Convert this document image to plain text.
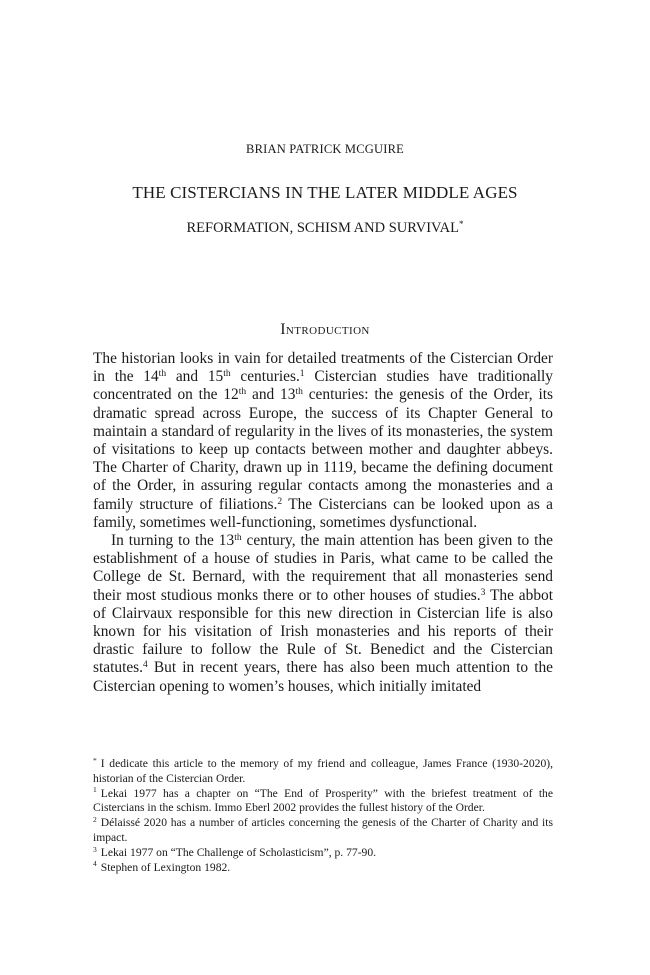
BRIAN PATRICK MCGUIRE
THE CISTERCIANS IN THE LATER MIDDLE AGES
REFORMATION, SCHISM AND SURVIVAL*
Introduction

The historian looks in vain for detailed treatments of the Cistercian Order in the 14th and 15th centuries.$^1$ Cistercian studies have traditionally concentrated on the 12th and 13th centuries: the genesis of the Order, its dramatic spread across Europe, the success of its Chapter General to maintain a standard of regularity in the lives of its monasteries, the system of visitations to keep up contacts between mother and daughter abbeys. The Charter of Charity, drawn up in 1119, became the defining document of the Order, in assuring regular contacts among the monasteries and a family structure of filiations.$^2$ The Cistercians can be looked upon as a family, sometimes well-functioning, sometimes dysfunctional.

In turning to the 13th century, the main attention has been given to the establishment of a house of studies in Paris, what came to be called the College de St. Bernard, with the requirement that all monasteries send their most studious monks there or to other houses of studies.$^3$ The abbot of Clairvaux responsible for this new direction in Cistercian life is also known for his visitation of Irish monasteries and his reports of their drastic failure to follow the Rule of St. Benedict and the Cistercian statutes.$^4$ But in recent years, there has also been much attention to the Cistercian opening to women’s houses, which initially imitated

* I dedicate this article to the memory of my friend and colleague, James France (1930-2020), historian of the Cistercian Order.

$^1$ Lekai 1977 has a chapter on “The End of Prosperity” with the briefest treatment of the Cistercians in the schism. Immo Eberl 2002 provides the fullest history of the Order.

$^2$ Délaissé 2020 has a number of articles concerning the genesis of the Charter of Charity and its impact.

$^3$ Lekai 1977 on “The Challenge of Scholasticism”, p. 77-90.

$^4$ Stephen of Lexington 1982.
